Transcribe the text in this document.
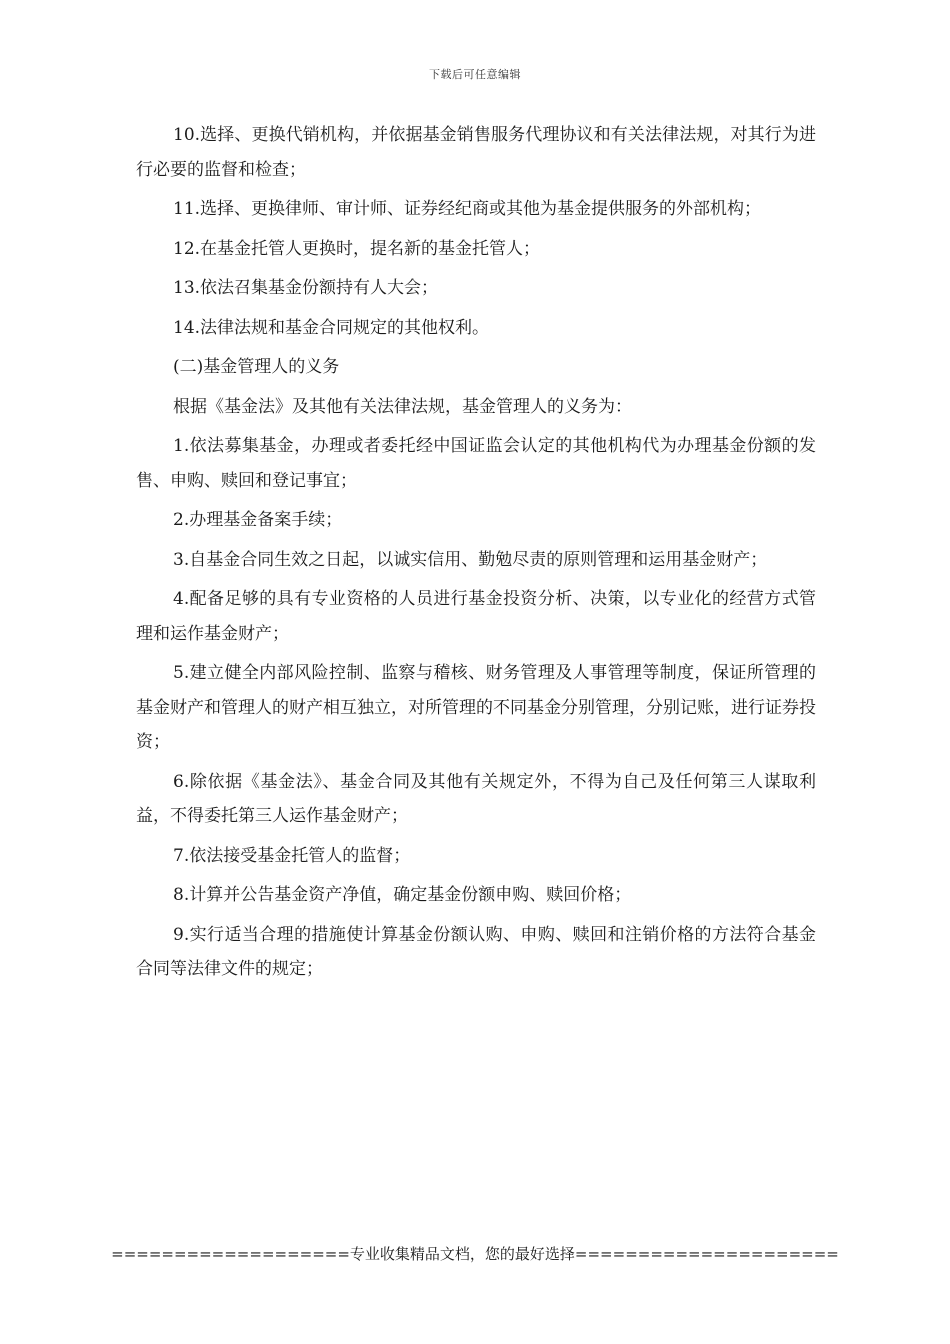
下载后可任意编辑

10.选择、更换代销机构，并依据基金销售服务代理协议和有关法律法规，对其行为进行必要的监督和检查；

11.选择、更换律师、审计师、证券经纪商或其他为基金提供服务的外部机构；

12.在基金托管人更换时，提名新的基金托管人；

13.依法召集基金份额持有人大会；

14.法律法规和基金合同规定的其他权利。

(二)基金管理人的义务

根据《基金法》及其他有关法律法规，基金管理人的义务为：

1.依法募集基金，办理或者委托经中国证监会认定的其他机构代为办理基金份额的发售、申购、赎回和登记事宜；

2.办理基金备案手续；

3.自基金合同生效之日起，以诚实信用、勤勉尽责的原则管理和运用基金财产；

4.配备足够的具有专业资格的人员进行基金投资分析、决策，以专业化的经营方式管理和运作基金财产；

5.建立健全内部风险控制、监察与稽核、财务管理及人事管理等制度，保证所管理的基金财产和管理人的财产相互独立，对所管理的不同基金分别管理，分别记账，进行证券投资；

6.除依据《基金法》、基金合同及其他有关规定外，不得为自己及任何第三人谋取利益，不得委托第三人运作基金财产；

7.依法接受基金托管人的监督；

8.计算并公告基金资产净值，确定基金份额申购、赎回价格；

9.实行适当合理的措施使计算基金份额认购、申购、赎回和注销价格的方法符合基金合同等法律文件的规定；

===================专业收集精品文档，您的最好选择=====================
